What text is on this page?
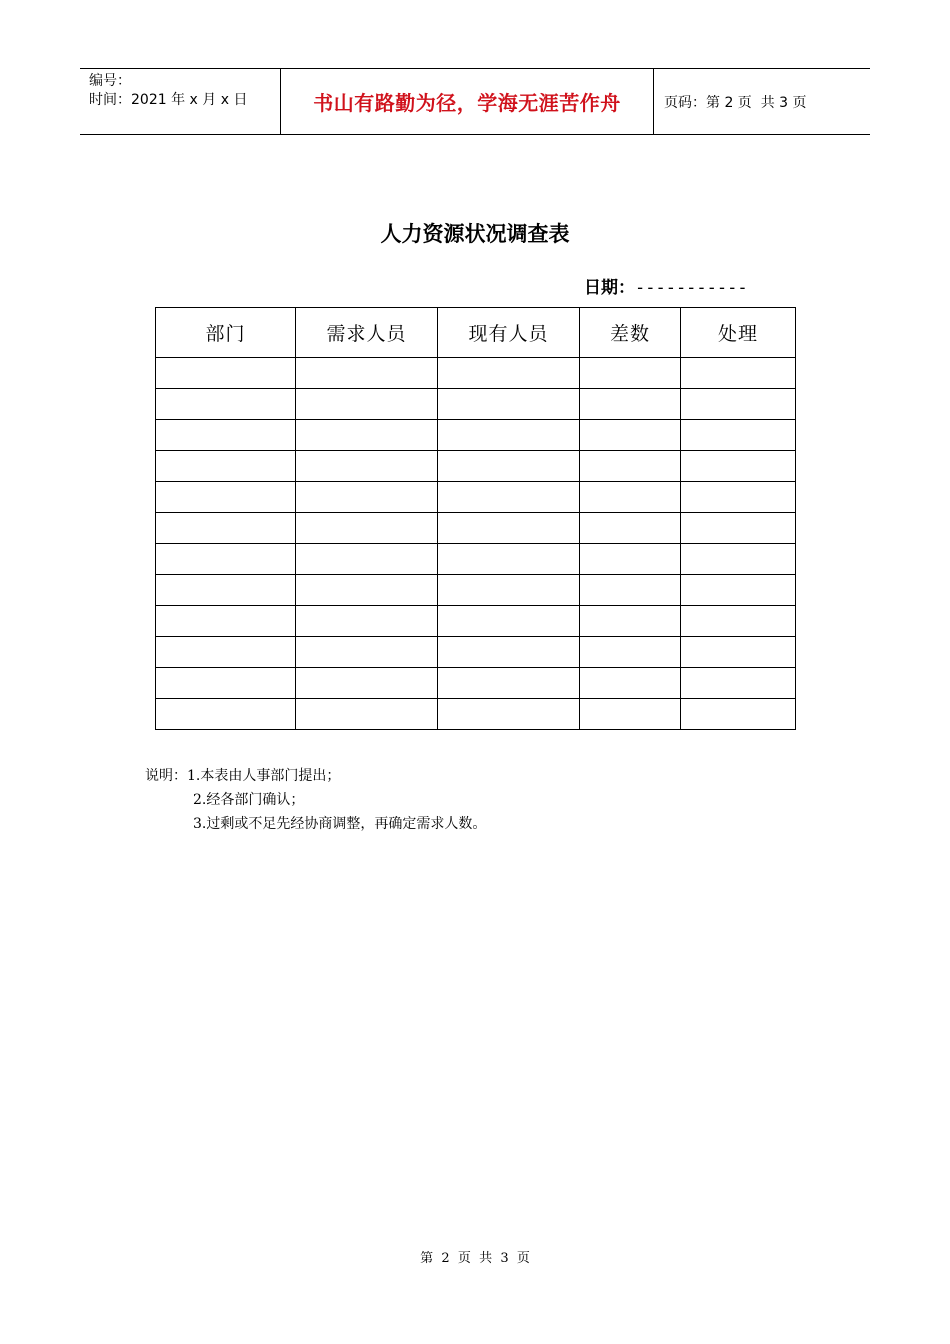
编号：
时间：2021 年 x 月 x 日	书山有路勤为径，学海无涯苦作舟	页码：第 2 页  共 3 页
人力资源状况调查表
日期：-----------
部门	需求人员	现有人员	差数	处理

说明：1.本表由人事部门提出；
2.经各部门确认；
3.过剩或不足先经协商调整，再确定需求人数。
第  2  页  共  3  页
